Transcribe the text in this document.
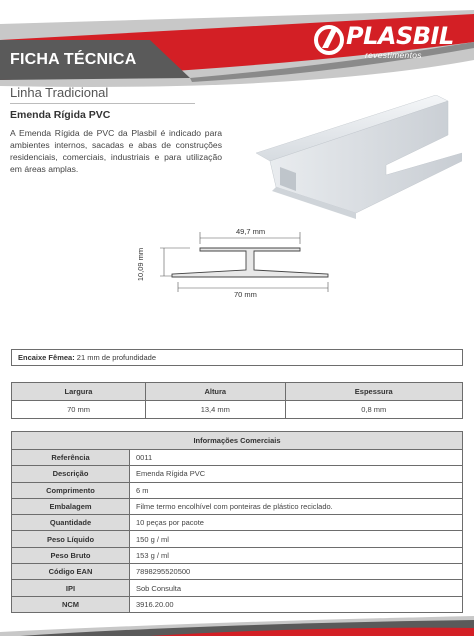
FICHA TÉCNICA
PLASBIL
revestimentos
Linha Tradicional
Emenda Rígida PVC
A Emenda Rígida de PVC da Plasbil é indicado para ambientes internos, sacadas e abas de construções residenciais, comerciais, industriais e para utilização em áreas amplas.
49,7 mm
10,09 mm
70 mm
Encaixe Fêmea: 21 mm de profundidade
Largura	Altura	Espessura
70 mm	13,4 mm	0,8 mm
Informações Comerciais	
Referência	0011
Descrição	Emenda Rígida PVC
Comprimento	6 m
Embalagem	Filme termo encolhível com ponteiras de plástico reciclado.
Quantidade	10 peças por pacote
Peso Líquido	150 g / ml
Peso Bruto	153 g / ml
Código EAN	7898295520500
IPI	Sob Consulta
NCM	3916.20.00
